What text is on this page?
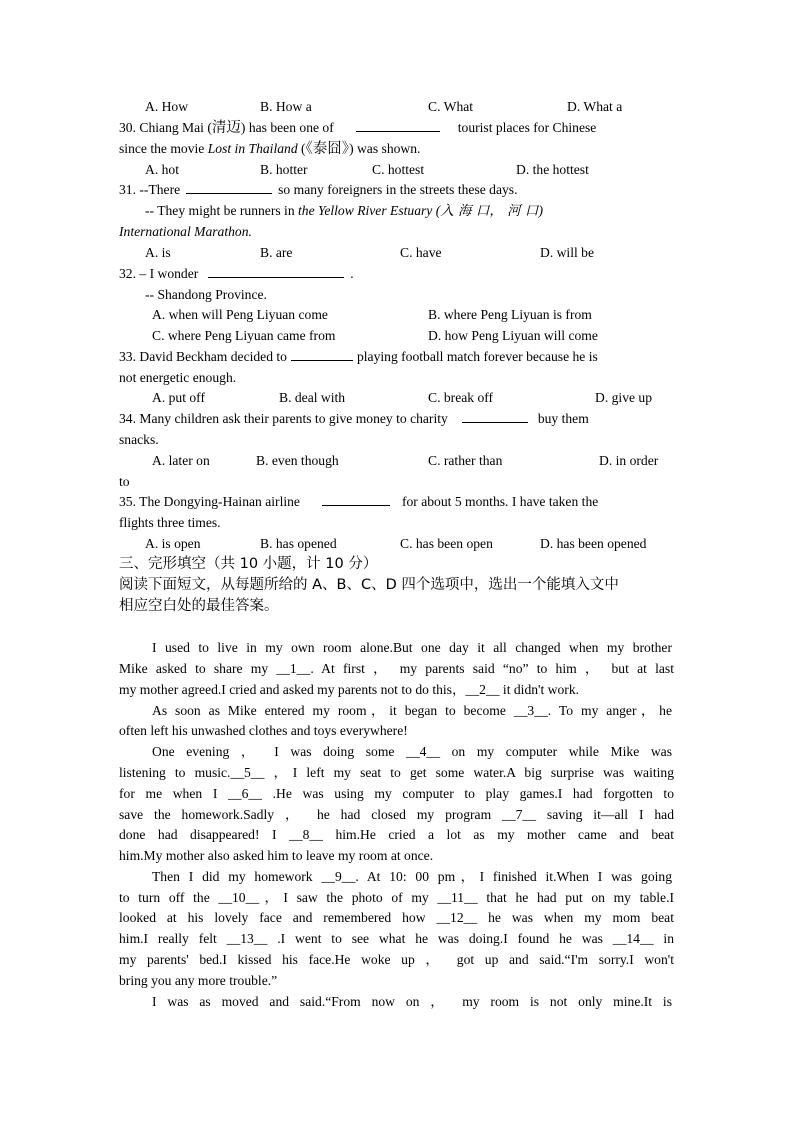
A. How	B. How a	C. What	D. What a
30. Chiang Mai (清迈) has been one of	tourist places for Chinese
since the movie Lost in Thailand (《泰囧》) was shown.
A. hot	B. hotter	C. hottest	D. the hottest
31. --There	so many foreigners in the streets these days.
-- They might be runners in the Yellow River Estuary (入 海 口， 河 口)
International Marathon.
A. is	B. are	C. have	D. will be
32. – I wonder	.
-- Shandong Province.
A. when will Peng Liyuan come	B. where Peng Liyuan is from
C. where Peng Liyuan came from	D. how Peng Liyuan will come
33. David Beckham decided to	playing football match forever because he is
not energetic enough.
A. put off	B. deal with	C. break off	D. give up
34. Many children ask their parents to give money to charity	buy them
snacks.
A. later on	B. even though	C. rather than	D. in order
to
35. The Dongying-Hainan airline	for about 5 months. I have taken the
flights three times.
A. is open	B. has opened	C. has been open	D. has been opened
三、完形填空（共 10 小题，计 10 分）
阅读下面短文，从每题所给的 A、B、C、D 四个选项中，选出一个能填入文中
相应空白处的最佳答案。
I used to live in my own room alone.But one day it all changed when my brother
Mike asked to share my __1__. At first ， my parents said “no” to him ， but at last
my mother agreed.I cried and asked my parents not to do this，__2__ it didn't work.
As soon as Mike entered my room，it began to become __3__. To my anger，he
often left his unwashed clothes and toys everywhere!
One evening ， I was doing some __4__ on my computer while Mike was
listening to music.__5__ ，I left my seat to get some water.A big surprise was waiting
for me when I __6__ .He was using my computer to play games.I had forgotten to
save the homework.Sadly ， he had closed my program __7__ saving it—all I had
done had disappeared! I __8__ him.He cried a lot as my mother came and beat
him.My mother also asked him to leave my room at once.
Then I did my homework __9__. At 10: 00 pm，I finished it.When I was going
to turn off the __10__，I saw the photo of my __11__ that he had put on my table.I
looked at his lovely face and remembered how __12__ he was when my mom beat
him.I really felt __13__ .I went to see what he was doing.I found he was __14__ in
my parents' bed.I kissed his face.He woke up ， got up and said.“I'm sorry.I won't
bring you any more trouble.”
I was as moved and said.“From now on ， my room is not only mine.It is
